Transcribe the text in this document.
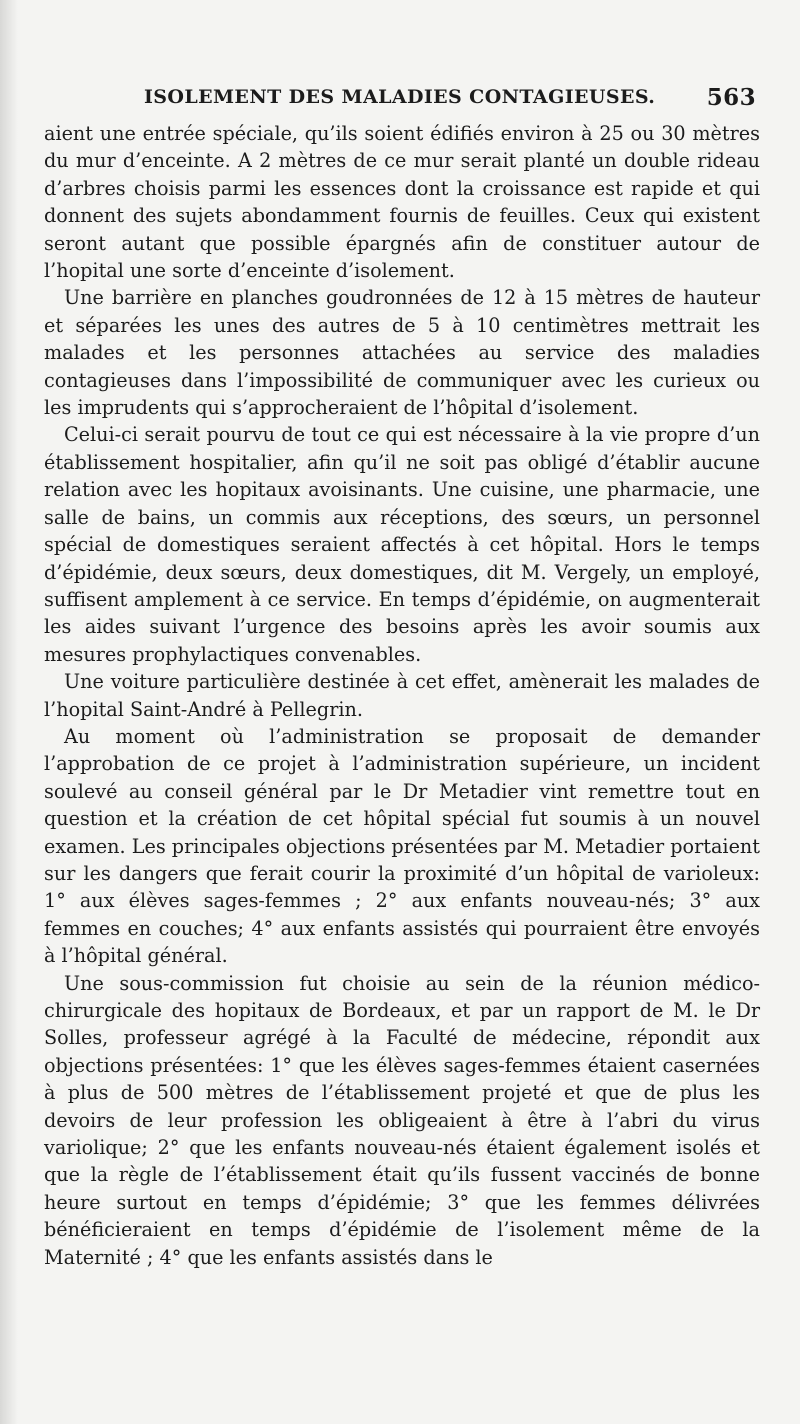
ISOLEMENT DES MALADIES CONTAGIEUSES. 563

aient une entrée spéciale, qu’ils soient édifiés environ à 25 ou 30 mètres du mur d’enceinte. A 2 mètres de ce mur serait planté un double rideau d’arbres choisis parmi les essences dont la croissance est rapide et qui donnent des sujets abondamment fournis de feuilles. Ceux qui existent seront autant que possible épargnés afin de constituer autour de l’hopital une sorte d’enceinte d’isolement.

Une barrière en planches goudronnées de 12 à 15 mètres de hauteur et séparées les unes des autres de 5 à 10 centimètres mettrait les malades et les personnes attachées au service des maladies contagieuses dans l’impossibilité de communiquer avec les curieux ou les imprudents qui s’approcheraient de l’hôpital d’isolement.

Celui-ci serait pourvu de tout ce qui est nécessaire à la vie propre d’un établissement hospitalier, afin qu’il ne soit pas obligé d’établir aucune relation avec les hopitaux avoisinants. Une cuisine, une pharmacie, une salle de bains, un commis aux réceptions, des sœurs, un personnel spécial de domestiques seraient affectés à cet hôpital. Hors le temps d’épidémie, deux sœurs, deux domestiques, dit M. Vergely, un employé, suffisent amplement à ce service. En temps d’épidémie, on augmenterait les aides suivant l’urgence des besoins après les avoir soumis aux mesures prophylactiques convenables.

Une voiture particulière destinée à cet effet, amènerait les malades de l’hopital Saint-André à Pellegrin.

Au moment où l’administration se proposait de demander l’approbation de ce projet à l’administration supérieure, un incident soulevé au conseil général par le Dr Metadier vint remettre tout en question et la création de cet hôpital spécial fut soumis à un nouvel examen. Les principales objections présentées par M. Metadier portaient sur les dangers que ferait courir la proximité d’un hôpital de varioleux: 1° aux élèves sages-femmes ; 2° aux enfants nouveau-nés; 3° aux femmes en couches; 4° aux enfants assistés qui pourraient être envoyés à l’hôpital général.

Une sous-commission fut choisie au sein de la réunion médico-chirurgicale des hopitaux de Bordeaux, et par un rapport de M. le Dr Solles, professeur agrégé à la Faculté de médecine, répondit aux objections présentées: 1° que les élèves sages-femmes étaient casernées à plus de 500 mètres de l’établissement projeté et que de plus les devoirs de leur profession les obligeaient à être à l’abri du virus variolique; 2° que les enfants nouveau-nés étaient également isolés et que la règle de l’établissement était qu’ils fussent vaccinés de bonne heure surtout en temps d’épidémie; 3° que les femmes délivrées bénéficieraient en temps d’épidémie de l’isolement même de la Maternité ; 4° que les enfants assistés dans le
